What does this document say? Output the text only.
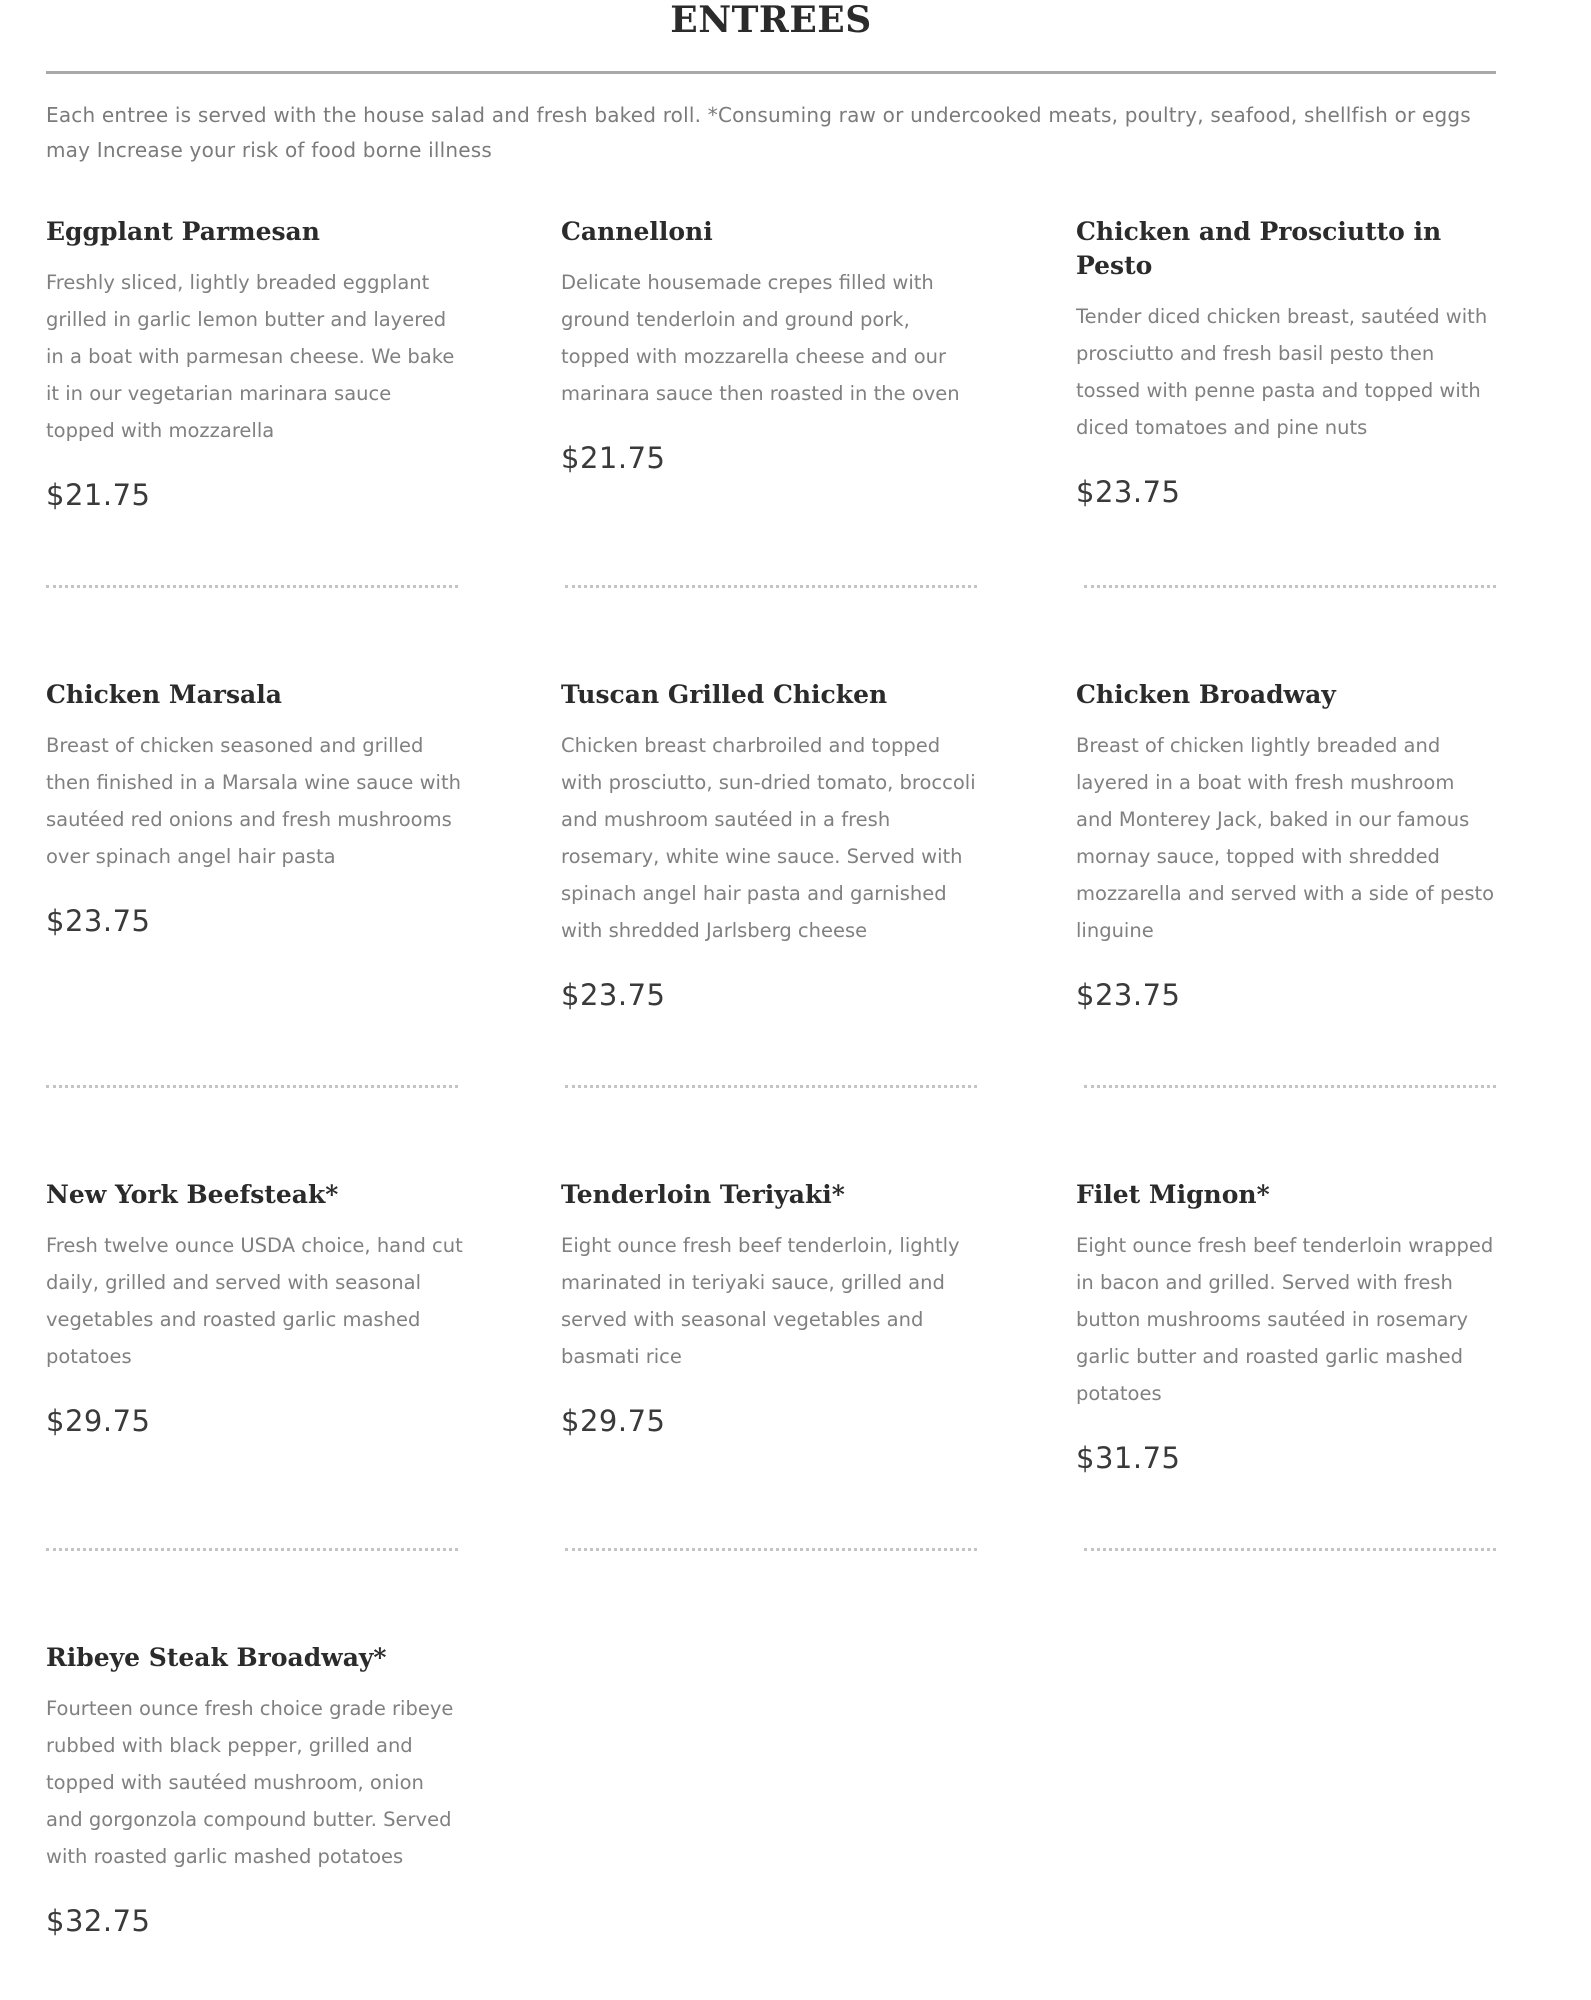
ENTREES

Each entree is served with the house salad and fresh baked roll. *Consuming raw or undercooked meats, poultry, seafood, shellfish or eggs may Increase your risk of food borne illness

Eggplant Parmesan

Freshly sliced, lightly breaded eggplant grilled in garlic lemon butter and layered in a boat with parmesan cheese. We bake it in our vegetarian marinara sauce topped with mozzarella

$21.75
Cannelloni

Delicate housemade crepes filled with ground tenderloin and ground pork, topped with mozzarella cheese and our marinara sauce then roasted in the oven

$21.75
Chicken and Prosciutto in Pesto

Tender diced chicken breast, sautéed with prosciutto and fresh basil pesto then tossed with penne pasta and topped with diced tomatoes and pine nuts

$23.75
Chicken Marsala

Breast of chicken seasoned and grilled then finished in a Marsala wine sauce with sautéed red onions and fresh mushrooms over spinach angel hair pasta

$23.75
Tuscan Grilled Chicken

Chicken breast charbroiled and topped with prosciutto, sun-dried tomato, broccoli and mushroom sautéed in a fresh rosemary, white wine sauce. Served with spinach angel hair pasta and garnished with shredded Jarlsberg cheese

$23.75
Chicken Broadway

Breast of chicken lightly breaded and layered in a boat with fresh mushroom and Monterey Jack, baked in our famous mornay sauce, topped with shredded mozzarella and served with a side of pesto linguine

$23.75
New York Beefsteak*

Fresh twelve ounce USDA choice, hand cut daily, grilled and served with seasonal vegetables and roasted garlic mashed potatoes

$29.75
Tenderloin Teriyaki*

Eight ounce fresh beef tenderloin, lightly marinated in teriyaki sauce, grilled and served with seasonal vegetables and basmati rice

$29.75
Filet Mignon*

Eight ounce fresh beef tenderloin wrapped in bacon and grilled. Served with fresh button mushrooms sautéed in rosemary garlic butter and roasted garlic mashed potatoes

$31.75
Ribeye Steak Broadway*

Fourteen ounce fresh choice grade ribeye rubbed with black pepper, grilled and topped with sautéed mushroom, onion and gorgonzola compound butter. Served with roasted garlic mashed potatoes

$32.75
